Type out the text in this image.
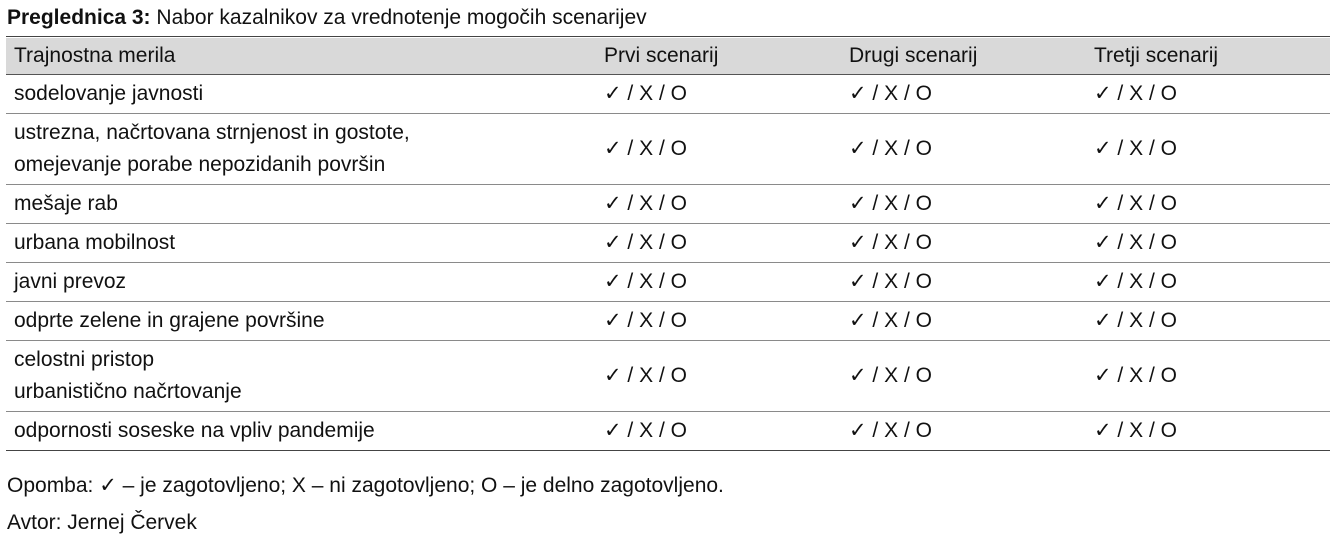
Preglednica 3: Nabor kazalnikov za vrednotenje mogočih scenarijev
Trajnostna merila	Prvi scenarij	Drugi scenarij	Tretji scenarij

sodelovanje javnosti	✓ / X / O	✓ / X / O	✓ / X / O

ustrezna, načrtovana strnjenost in gostote,
omejevanje porabe nepozidanih površin	✓ / X / O	✓ / X / O	✓ / X / O

mešaje rab	✓ / X / O	✓ / X / O	✓ / X / O

urbana mobilnost	✓ / X / O	✓ / X / O	✓ / X / O

javni prevoz	✓ / X / O	✓ / X / O	✓ / X / O

odprte zelene in grajene površine	✓ / X / O	✓ / X / O	✓ / X / O

celostni pristop
urbanistično načrtovanje	✓ / X / O	✓ / X / O	✓ / X / O

odpornosti soseske na vpliv pandemije	✓ / X / O	✓ / X / O	✓ / X / O
Opomba: ✓ – je zagotovljeno; X – ni zagotovljeno; O – je delno zagotovljeno.
Avtor: Jernej Červek
